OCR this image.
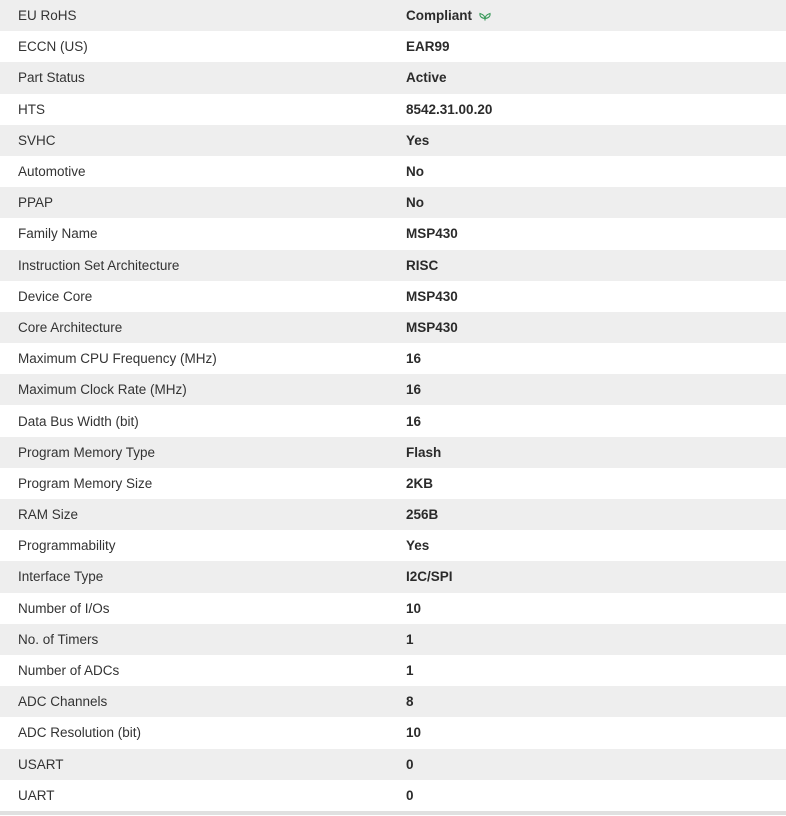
EU RoHS	Compliant
ECCN (US)	EAR99
Part Status	Active
HTS	8542.31.00.20
SVHC	Yes
Automotive	No
PPAP	No
Family Name	MSP430
Instruction Set Architecture	RISC
Device Core	MSP430
Core Architecture	MSP430
Maximum CPU Frequency (MHz)	16
Maximum Clock Rate (MHz)	16
Data Bus Width (bit)	16
Program Memory Type	Flash
Program Memory Size	2KB
RAM Size	256B
Programmability	Yes
Interface Type	I2C/SPI
Number of I/Os	10
No. of Timers	1
Number of ADCs	1
ADC Channels	8
ADC Resolution (bit)	10
USART	0
UART	0
